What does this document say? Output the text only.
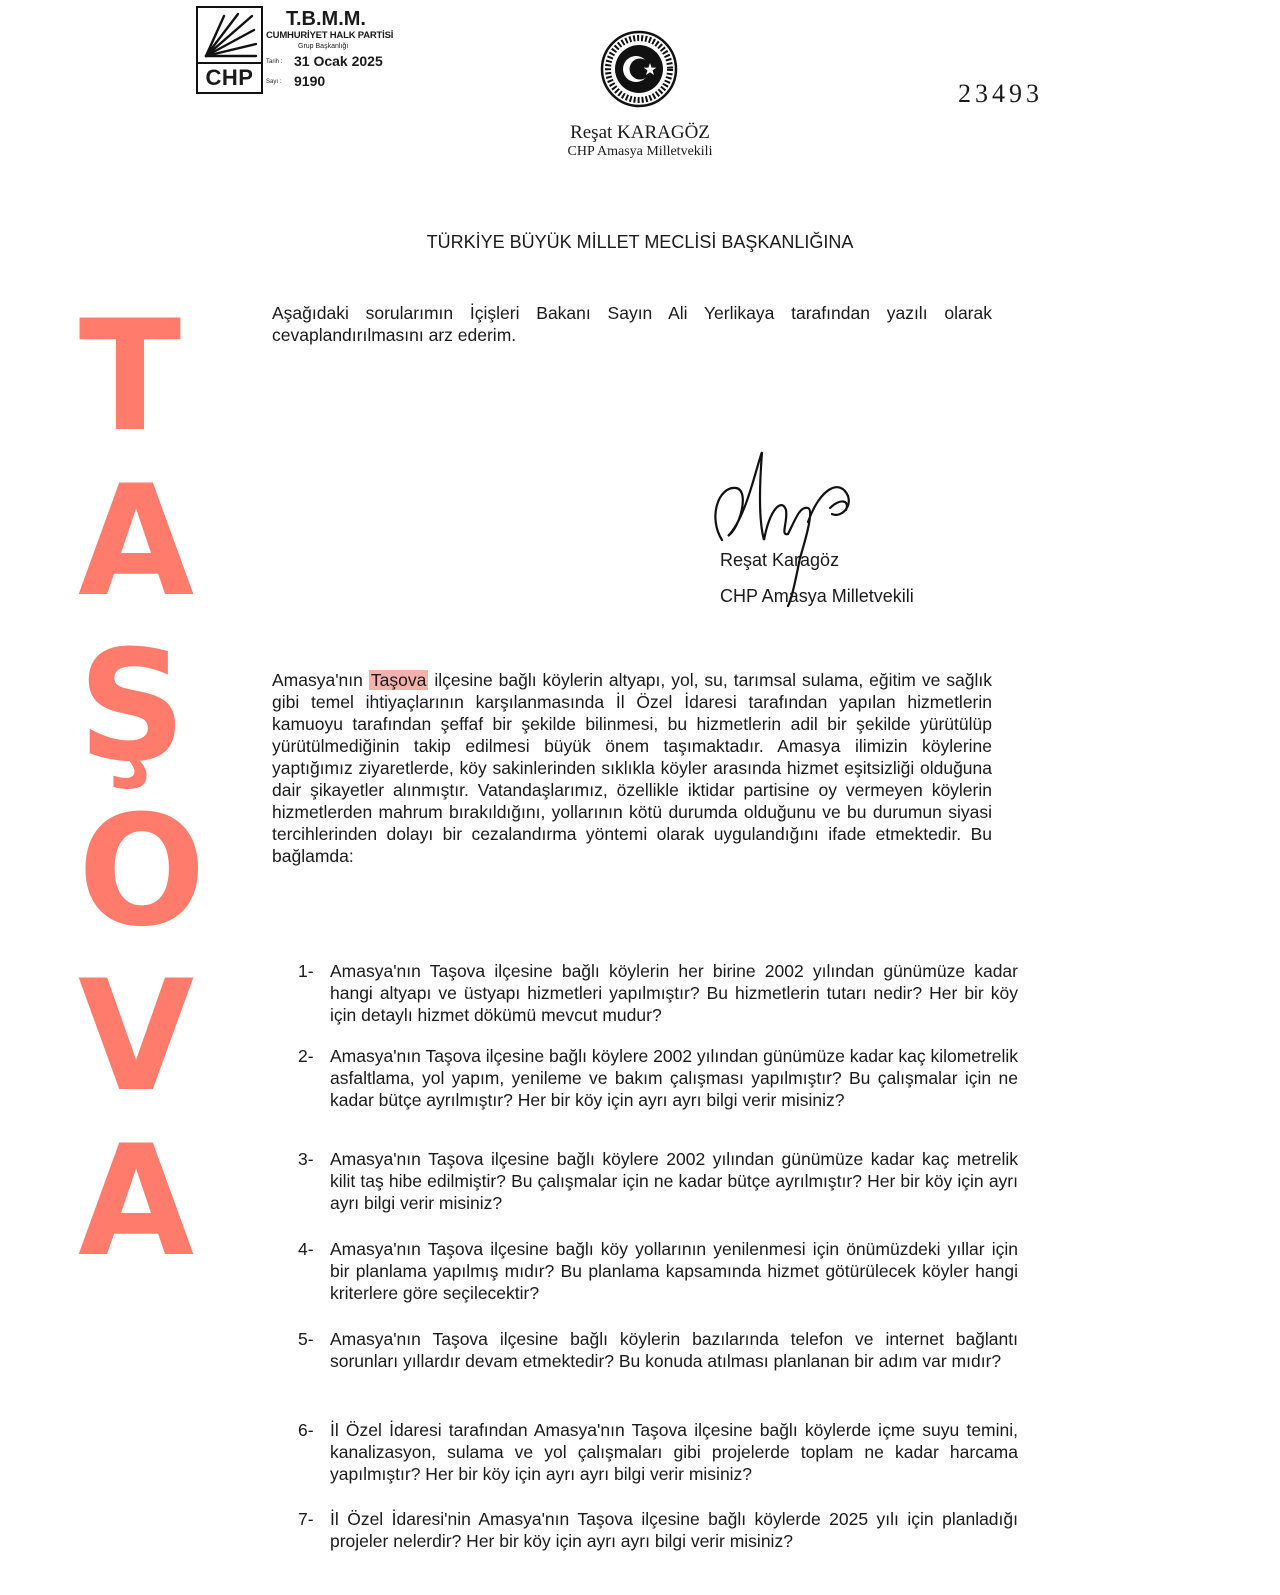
CHP
T.B.M.M.
CUMHURİYET HALK PARTİSİ
Grup Başkanlığı
Tarih : 31 Ocak 2025
Sayı : 9190
Reşat KARAGÖZ
CHP Amasya Milletvekili
23493
T
A
Ş
O
V
A
TÜRKİYE BÜYÜK MİLLET MECLİSİ BAŞKANLIĞINA
Aşağıdaki sorularımın İçişleri Bakanı Sayın Ali Yerlikaya tarafından yazılı olarak cevaplandırılmasını arz ederim.
Reşat Karagöz
CHP Amasya Milletvekili
Amasya'nın Taşova ilçesine bağlı köylerin altyapı, yol, su, tarımsal sulama, eğitim ve sağlık gibi temel ihtiyaçlarının karşılanmasında İl Özel İdaresi tarafından yapılan hizmetlerin kamuoyu tarafından şeffaf bir şekilde bilinmesi, bu hizmetlerin adil bir şekilde yürütülüp yürütülmediğinin takip edilmesi büyük önem taşımaktadır. Amasya ilimizin köylerine yaptığımız ziyaretlerde, köy sakinlerinden sıklıkla köyler arasında hizmet eşitsizliği olduğuna dair şikayetler alınmıştır. Vatandaşlarımız, özellikle iktidar partisine oy vermeyen köylerin hizmetlerden mahrum bırakıldığını, yollarının kötü durumda olduğunu ve bu durumun siyasi tercihlerinden dolayı bir cezalandırma yöntemi olarak uygulandığını ifade etmektedir. Bu bağlamda:
1- Amasya'nın Taşova ilçesine bağlı köylerin her birine 2002 yılından günümüze kadar hangi altyapı ve üstyapı hizmetleri yapılmıştır? Bu hizmetlerin tutarı nedir? Her bir köy için detaylı hizmet dökümü mevcut mudur?
2- Amasya'nın Taşova ilçesine bağlı köylere 2002 yılından günümüze kadar kaç kilometrelik asfaltlama, yol yapım, yenileme ve bakım çalışması yapılmıştır? Bu çalışmalar için ne kadar bütçe ayrılmıştır? Her bir köy için ayrı ayrı bilgi verir misiniz?
3- Amasya'nın Taşova ilçesine bağlı köylere 2002 yılından günümüze kadar kaç metrelik kilit taş hibe edilmiştir? Bu çalışmalar için ne kadar bütçe ayrılmıştır? Her bir köy için ayrı ayrı bilgi verir misiniz?
4- Amasya'nın Taşova ilçesine bağlı köy yollarının yenilenmesi için önümüzdeki yıllar için bir planlama yapılmış mıdır? Bu planlama kapsamında hizmet götürülecek köyler hangi kriterlere göre seçilecektir?
5- Amasya'nın Taşova ilçesine bağlı köylerin bazılarında telefon ve internet bağlantı sorunları yıllardır devam etmektedir? Bu konuda atılması planlanan bir adım var mıdır?
6- İl Özel İdaresi tarafından Amasya'nın Taşova ilçesine bağlı köylerde içme suyu temini, kanalizasyon, sulama ve yol çalışmaları gibi projelerde toplam ne kadar harcama yapılmıştır? Her bir köy için ayrı ayrı bilgi verir misiniz?
7- İl Özel İdaresi'nin Amasya'nın Taşova ilçesine bağlı köylerde 2025 yılı için planladığı projeler nelerdir? Her bir köy için ayrı ayrı bilgi verir misiniz?
